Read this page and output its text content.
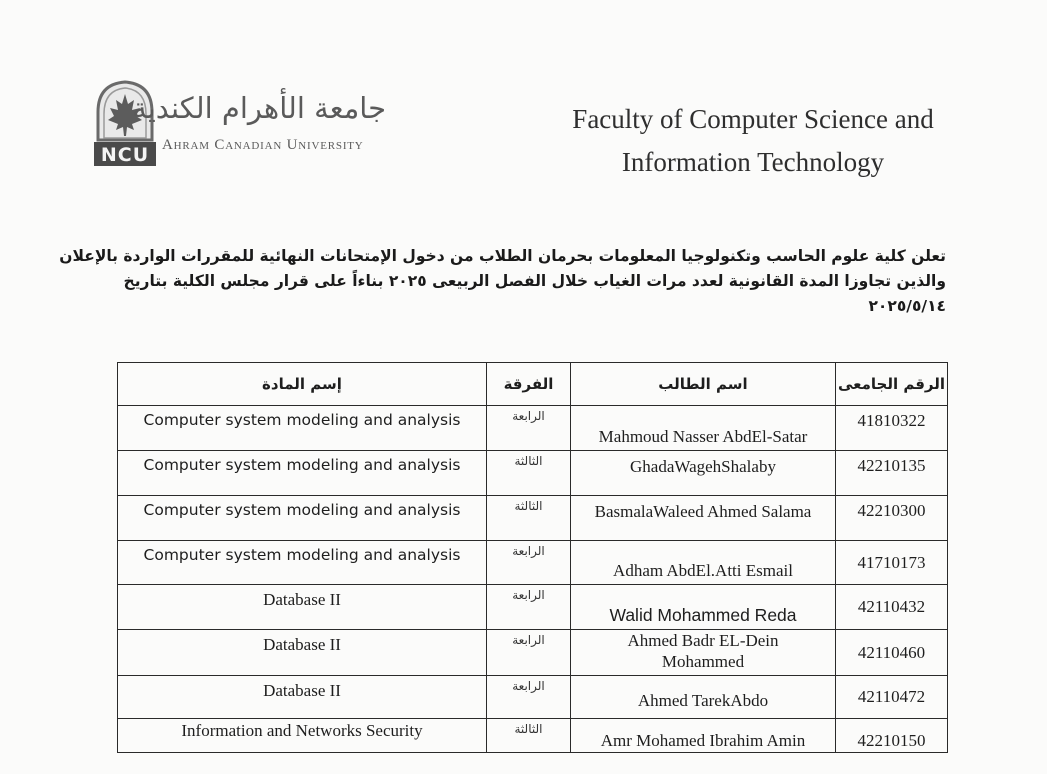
NCU
جامعة الأهرام الكندية
Ahram Canadian University
Faculty of Computer Science and
Information Technology
تعلن كلية علوم الحاسب وتكنولوجيا المعلومات بحرمان الطلاب من دخول الإمتحانات النهائية للمقررات الواردة بالإعلان
والذين تجاوزا المدة القانونية لعدد مرات الغياب خلال الفصل الربيعى ٢٠٢٥ بناءاً على قرار مجلس الكلية بتاريخ
٢٠٢٥/٥/١٤
إسم المادة	الفرقة	اسم الطالب	الرقم الجامعى
Computer system modeling and analysis	الرابعة	Mahmoud Nasser AbdEl-Satar	41810322
Computer system modeling and analysis	الثالثة	GhadaWagehShalaby	42210135
Computer system modeling and analysis	الثالثة	BasmalaWaleed Ahmed Salama	42210300
Computer system modeling and analysis	الرابعة	Adham AbdEl.Atti Esmail	41710173
Database II	الرابعة	Walid Mohammed Reda	42110432
Database II	الرابعة	Ahmed Badr EL-Dein Mohammed	42110460
Database II	الرابعة	Ahmed TarekAbdo	42110472
Information and Networks Security	الثالثة	Amr Mohamed Ibrahim Amin	42210150
